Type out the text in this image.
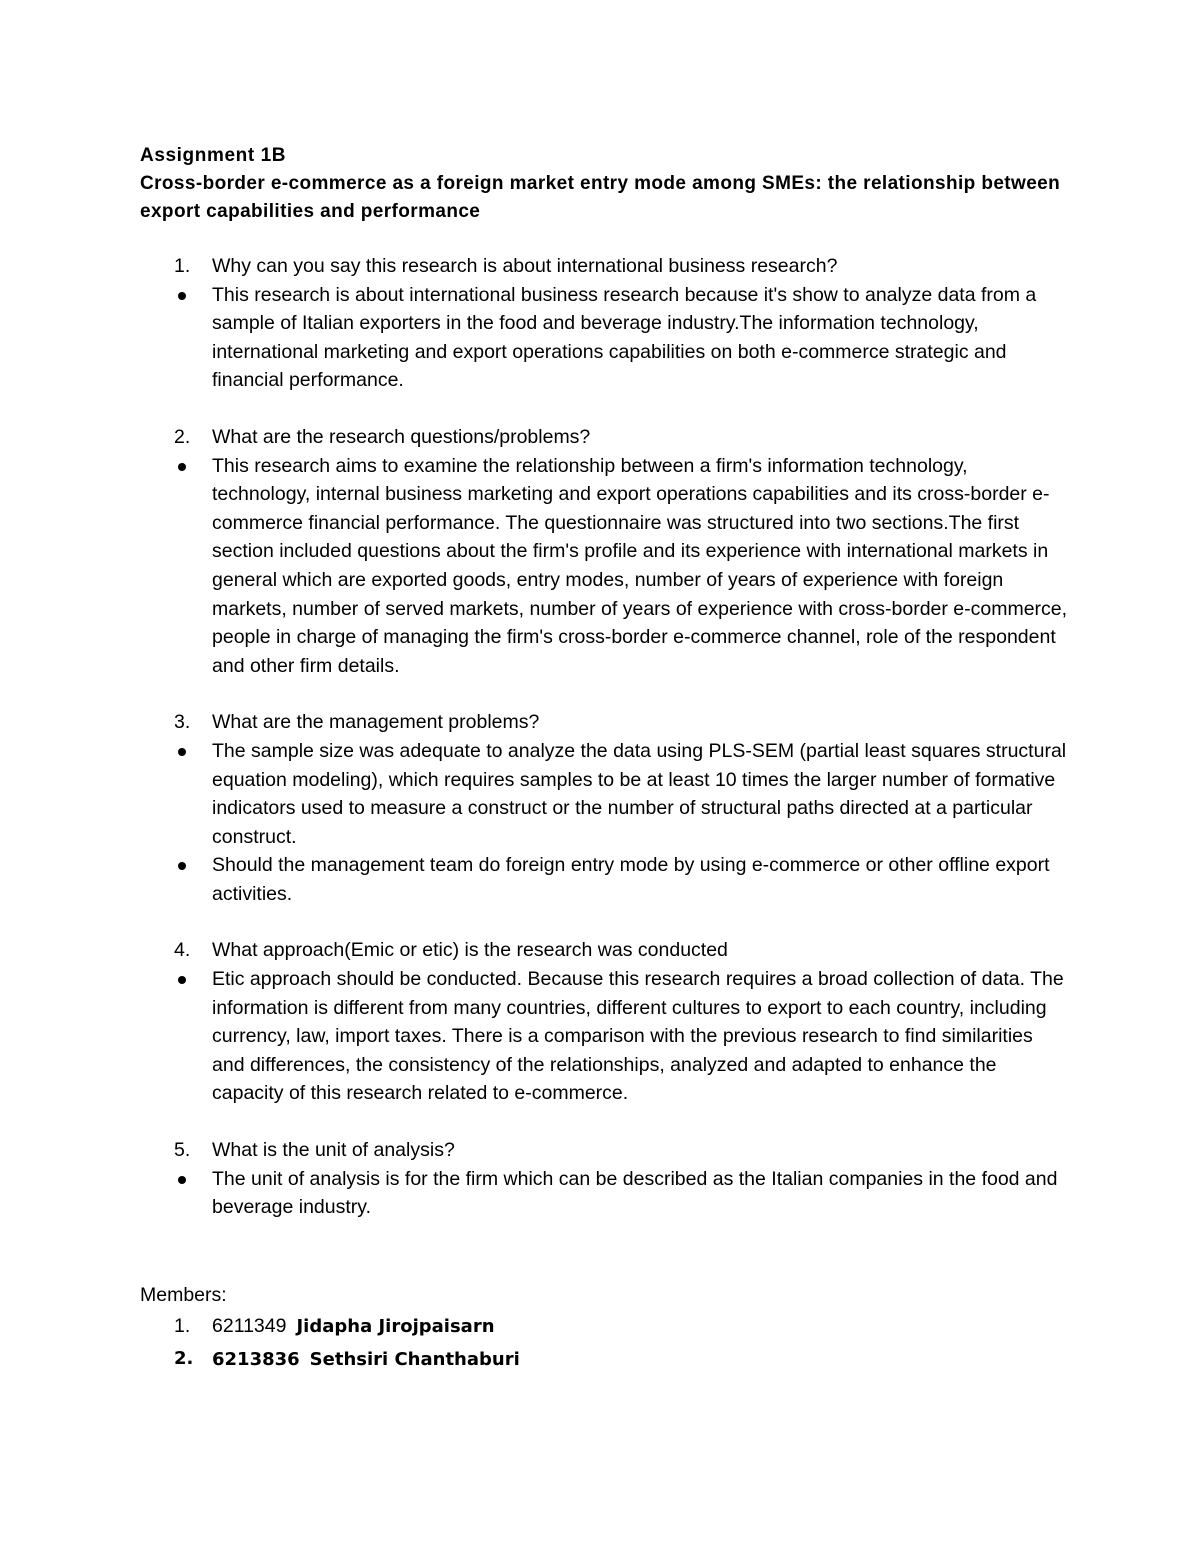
Assignment 1B
Cross-border e-commerce as a foreign market entry mode among SMEs: the relationship between export capabilities and performance
1.	Why can you say this research is about international business research?
This research is about international business research because it's show to analyze data from a sample of Italian exporters in the food and beverage industry.The information technology, international marketing and export operations capabilities on both e-commerce strategic and financial performance.
2.	What are the research questions/problems?
This research aims to examine the relationship between a firm's information technology, technology, internal business marketing and export operations capabilities and its cross-border e-commerce financial performance. The questionnaire was structured into two sections.The first section included questions about the firm's profile and its experience with international markets in general which are exported goods, entry modes, number of years of experience with foreign markets, number of served markets, number of years of experience with cross-border e-commerce, people in charge of managing the firm's cross-border e-commerce channel, role of the respondent and other firm details.
3.	What are the management problems?
The sample size was adequate to analyze the data using PLS-SEM (partial least squares structural equation modeling), which requires samples to be at least 10 times the larger number of formative indicators used to measure a construct or the number of structural paths directed at a particular construct.
Should the management team do foreign entry mode by using e-commerce or other offline export activities.
4.	What approach(Emic or etic) is the research was conducted
Etic approach should be conducted. Because this research requires a broad collection of data. The information is different from many countries, different cultures to export to each country, including currency, law, import taxes. There is a comparison with the previous research to find similarities and differences, the consistency of the relationships, analyzed and adapted to enhance the capacity of this research related to e-commerce.
5.	What is the unit of analysis?
The unit of analysis is for the firm which can be described as the Italian companies in the food and beverage industry.
Members:
1.	6211349 Jidapha Jirojpaisarn
2.	6213836 Sethsiri Chanthaburi
